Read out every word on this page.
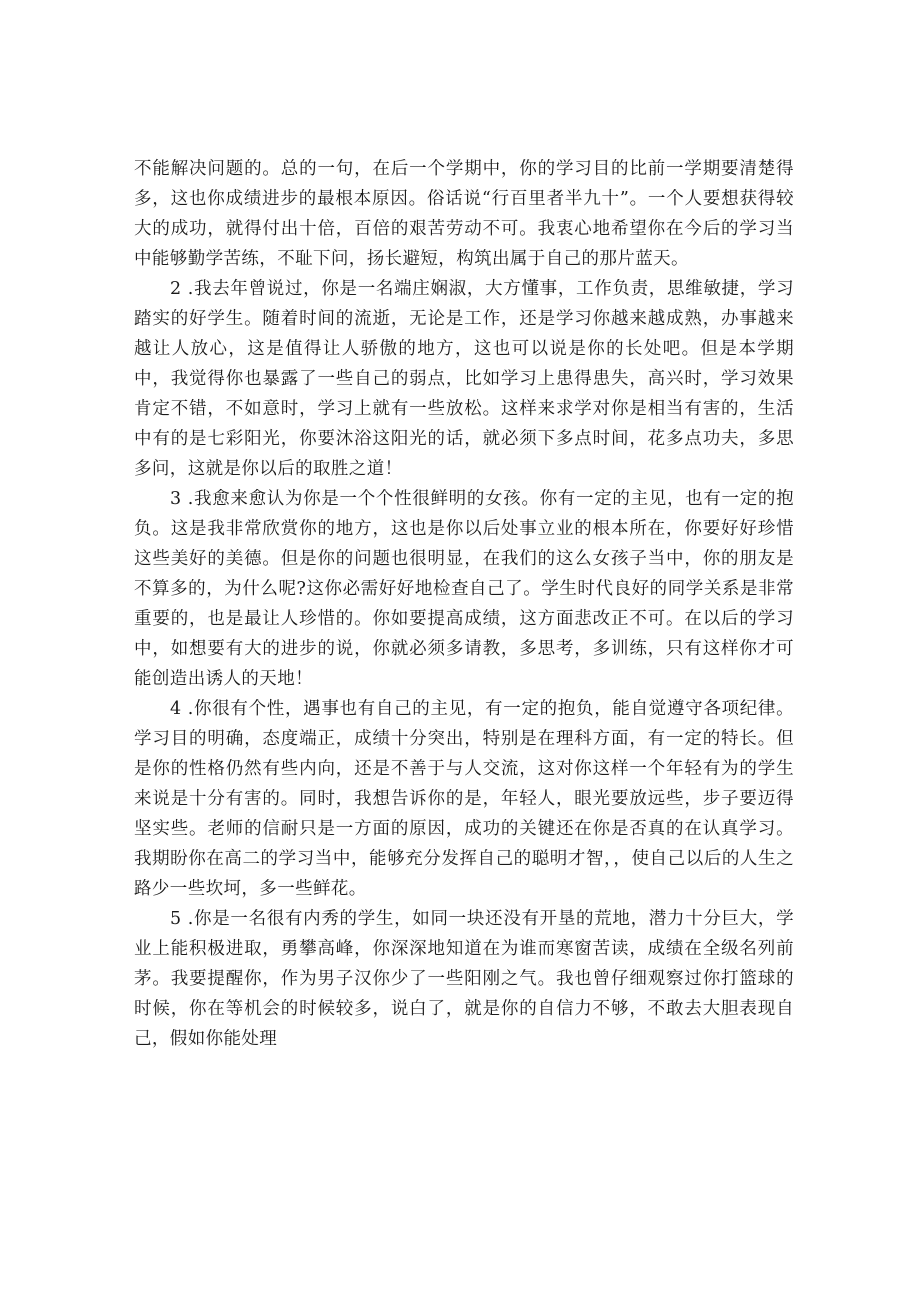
不能解决问题的。总的一句，在后一个学期中，你的学习目的比前一学期要清楚得多，这也你成绩进步的最根本原因。俗话说“行百里者半九十”。一个人要想获得较大的成功，就得付出十倍，百倍的艰苦劳动不可。我衷心地希望你在今后的学习当中能够勤学苦练，不耻下问，扬长避短，构筑出属于自己的那片蓝天。

2 .我去年曾说过，你是一名端庄娴淑，大方懂事，工作负责，思维敏捷，学习踏实的好学生。随着时间的流逝，无论是工作，还是学习你越来越成熟，办事越来越让人放心，这是值得让人骄傲的地方，这也可以说是你的长处吧。但是本学期中，我觉得你也暴露了一些自己的弱点，比如学习上患得患失，高兴时，学习效果肯定不错，不如意时，学习上就有一些放松。这样来求学对你是相当有害的，生活中有的是七彩阳光，你要沐浴这阳光的话，就必须下多点时间，花多点功夫，多思多问，这就是你以后的取胜之道！

3 .我愈来愈认为你是一个个性很鲜明的女孩。你有一定的主见，也有一定的抱负。这是我非常欣赏你的地方，这也是你以后处事立业的根本所在，你要好好珍惜这些美好的美德。但是你的问题也很明显，在我们的这么女孩子当中，你的朋友是不算多的，为什么呢?这你必需好好地检查自己了。学生时代良好的同学关系是非常重要的，也是最让人珍惜的。你如要提高成绩，这方面悲改正不可。在以后的学习中，如想要有大的进步的说，你就必须多请教，多思考，多训练，只有这样你才可能创造出诱人的天地！

4 .你很有个性，遇事也有自己的主见，有一定的抱负，能自觉遵守各项纪律。学习目的明确，态度端正，成绩十分突出，特别是在理科方面，有一定的特长。但是你的性格仍然有些内向，还是不善于与人交流，这对你这样一个年轻有为的学生来说是十分有害的。同时，我想告诉你的是，年轻人，眼光要放远些，步子要迈得坚实些。老师的信耐只是一方面的原因，成功的关键还在你是否真的在认真学习。我期盼你在高二的学习当中，能够充分发挥自己的聪明才智，，使自己以后的人生之路少一些坎坷，多一些鲜花。

5 .你是一名很有内秀的学生，如同一块还没有开垦的荒地，潜力十分巨大，学业上能积极进取，勇攀高峰，你深深地知道在为谁而寒窗苦读，成绩在全级名列前茅。我要提醒你，作为男子汉你少了一些阳刚之气。我也曾仔细观察过你打篮球的时候，你在等机会的时候较多，说白了，就是你的自信力不够，不敢去大胆表现自己，假如你能处理
